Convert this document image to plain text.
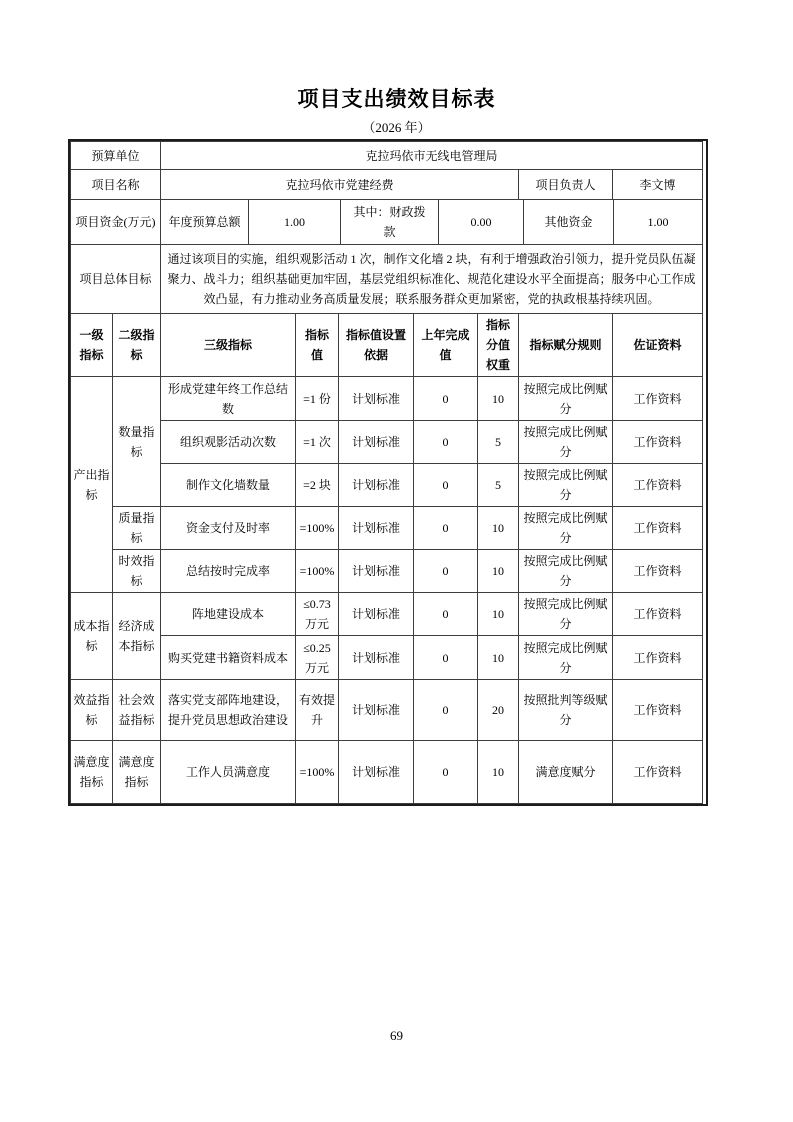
项目支出绩效目标表
（2026 年）
预算单位	克拉玛依市无线电管理局
项目名称	克拉玛依市党建经费	项目负责人	李文博
项目资金(万元)	年度预算总额	1.00	其中：财政拨款	0.00	其他资金	1.00
项目总体目标	通过该项目的实施，组织观影活动 1 次，制作文化墙 2 块，有利于增强政治引领力，提升党员队伍凝聚力、战斗力；组织基础更加牢固，基层党组织标准化、规范化建设水平全面提高；服务中心工作成效凸显，有力推动业务高质量发展；联系服务群众更加紧密，党的执政根基持续巩固。
一级指标	二级指标	三级指标	指标值	指标值设置依据	上年完成值	指标分值权重	指标赋分规则	佐证资料
产出指标	数量指标	形成党建年终工作总结数	=1 份	计划标准	0	10	按照完成比例赋分	工作资料
		组织观影活动次数	=1 次	计划标准	0	5	按照完成比例赋分	工作资料
		制作文化墙数量	=2 块	计划标准	0	5	按照完成比例赋分	工作资料
	质量指标	资金支付及时率	=100%	计划标准	0	10	按照完成比例赋分	工作资料
	时效指标	总结按时完成率	=100%	计划标准	0	10	按照完成比例赋分	工作资料
成本指标	经济成本指标	阵地建设成本	≤0.73 万元	计划标准	0	10	按照完成比例赋分	工作资料
		购买党建书籍资料成本	≤0.25 万元	计划标准	0	10	按照完成比例赋分	工作资料
效益指标	社会效益指标	落实党支部阵地建设，提升党员思想政治建设	有效提升	计划标准	0	20	按照批判等级赋分	工作资料
满意度指标	满意度指标	工作人员满意度	=100%	计划标准	0	10	满意度赋分	工作资料
69
